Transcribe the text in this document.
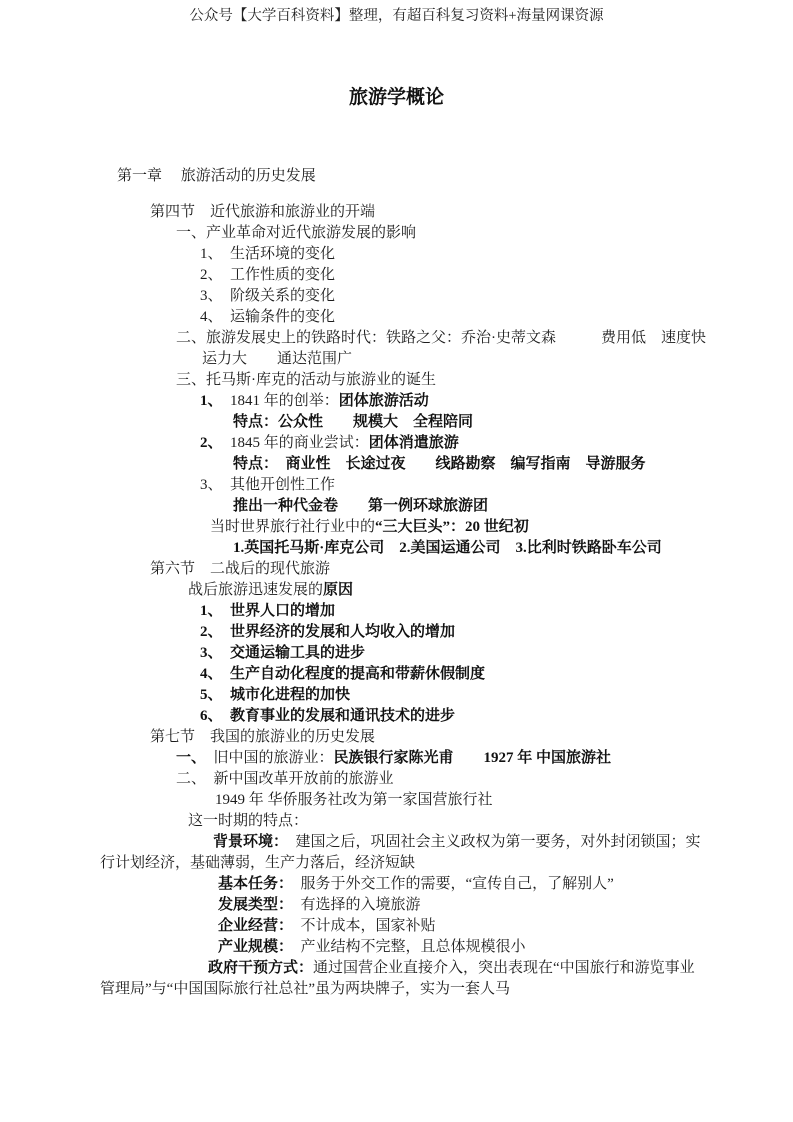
公众号【大学百科资料】整理，有超百科复习资料+海量网课资源
旅游学概论
第一章　 旅游活动的历史发展
第四节　近代旅游和旅游业的开端
一、产业革命对近代旅游发展的影响
1、　生活环境的变化
2、　工作性质的变化
3、　阶级关系的变化
4、　运输条件的变化
二、旅游发展史上的铁路时代：铁路之父：乔治·史蒂文森　　　费用低　速度快
运力大　　通达范围广
三、托马斯·库克的活动与旅游业的诞生
1、　1841 年的创举：团体旅游活动
特点：公众性　　规模大　全程陪同
2、　1845 年的商业尝试：团体消遣旅游
特点：　商业性　长途过夜　　线路勘察　编写指南　导游服务
3、　其他开创性工作
推出一种代金卷　　第一例环球旅游团
当时世界旅行社行业中的“三大巨头”：20 世纪初
1.英国托马斯·库克公司　2.美国运通公司　3.比利时铁路卧车公司
第六节　二战后的现代旅游
战后旅游迅速发展的原因
1、　世界人口的增加
2、　世界经济的发展和人均收入的增加
3、　交通运输工具的进步
4、　生产自动化程度的提高和带薪休假制度
5、　城市化进程的加快
6、　教育事业的发展和通讯技术的进步
第七节　我国的旅游业的历史发展
一、　旧中国的旅游业：民族银行家陈光甫　　1927 年 中国旅游社
二、　新中国改革开放前的旅游业
1949 年 华侨服务社改为第一家国营旅行社
这一时期的特点：
背景环境：　建国之后，巩固社会主义政权为第一要务，对外封闭锁国；实
行计划经济，基础薄弱，生产力落后，经济短缺
基本任务：　服务于外交工作的需要，“宣传自己，了解别人”
发展类型：　有选择的入境旅游
企业经营：　不计成本，国家补贴
产业规模：　产业结构不完整，且总体规模很小
政府干预方式：通过国营企业直接介入，突出表现在“中国旅行和游览事业
管理局”与“中国国际旅行社总社”虽为两块牌子，实为一套人马
